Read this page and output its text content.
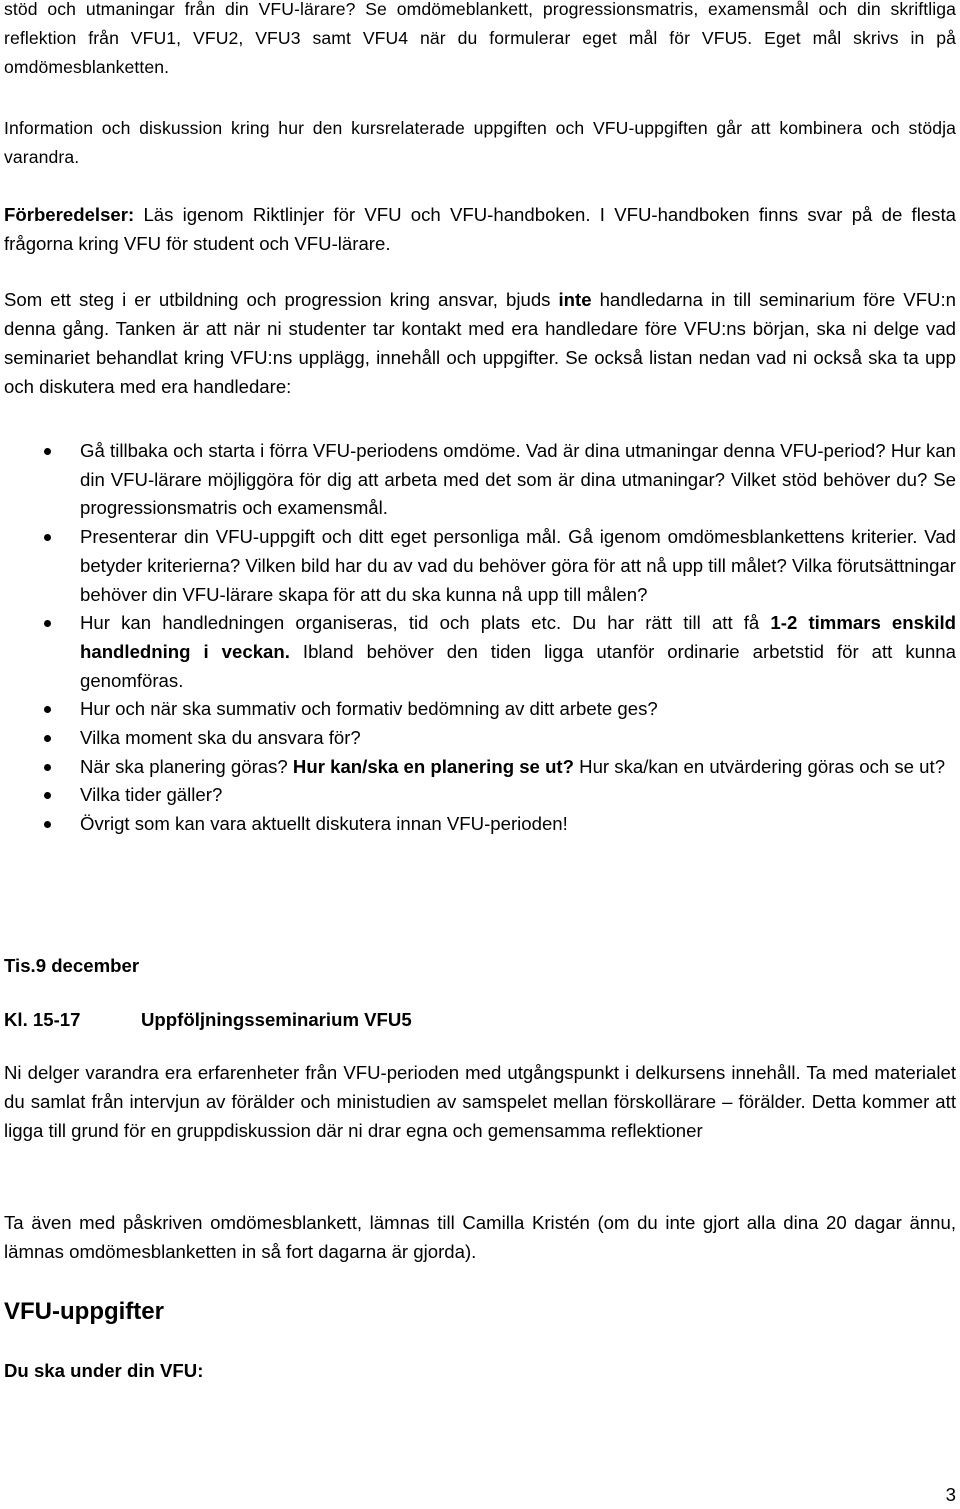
stöd och utmaningar från din VFU-lärare? Se omdömeblankett, progressionsmatris, examensmål och din skriftliga reflektion från VFU1, VFU2, VFU3 samt VFU4 när du formulerar eget mål för VFU5. Eget mål skrivs in på omdömesblanketten.

Information och diskussion kring hur den kursrelaterade uppgiften och VFU-uppgiften går att kombinera och stödja varandra.

Förberedelser: Läs igenom Riktlinjer för VFU och VFU-handboken. I VFU-handboken finns svar på de flesta frågorna kring VFU för student och VFU-lärare.

Som ett steg i er utbildning och progression kring ansvar, bjuds inte handledarna in till seminarium före VFU:n denna gång. Tanken är att när ni studenter tar kontakt med era handledare före VFU:ns början, ska ni delge vad seminariet behandlat kring VFU:ns upplägg, innehåll och uppgifter. Se också listan nedan vad ni också ska ta upp och diskutera med era handledare:

Gå tillbaka och starta i förra VFU-periodens omdöme. Vad är dina utmaningar denna VFU-period? Hur kan din VFU-lärare möjliggöra för dig att arbeta med det som är dina utmaningar? Vilket stöd behöver du? Se progressionsmatris och examensmål.
Presenterar din VFU-uppgift och ditt eget personliga mål. Gå igenom omdömesblankettens kriterier. Vad betyder kriterierna? Vilken bild har du av vad du behöver göra för att nå upp till målet? Vilka förutsättningar behöver din VFU-lärare skapa för att du ska kunna nå upp till målen?
Hur kan handledningen organiseras, tid och plats etc. Du har rätt till att få 1-2 timmars enskild handledning i veckan. Ibland behöver den tiden ligga utanför ordinarie arbetstid för att kunna genomföras.
Hur och när ska summativ och formativ bedömning av ditt arbete ges?
Vilka moment ska du ansvara för?
När ska planering göras? Hur kan/ska en planering se ut? Hur ska/kan en utvärdering göras och se ut?
Vilka tider gäller?
Övrigt som kan vara aktuellt diskutera innan VFU-perioden!

Tis.9 december

Kl. 15-17	Uppföljningsseminarium VFU5

Ni delger varandra era erfarenheter från VFU-perioden med utgångspunkt i delkursens innehåll. Ta med materialet du samlat från intervjun av förälder och ministudien av samspelet mellan förskollärare – förälder. Detta kommer att ligga till grund för en gruppdiskussion där ni drar egna och gemensamma reflektioner

Ta även med påskriven omdömesblankett, lämnas till Camilla Kristén (om du inte gjort alla dina 20 dagar ännu, lämnas omdömesblanketten in så fort dagarna är gjorda).

VFU-uppgifter

Du ska under din VFU:

3
